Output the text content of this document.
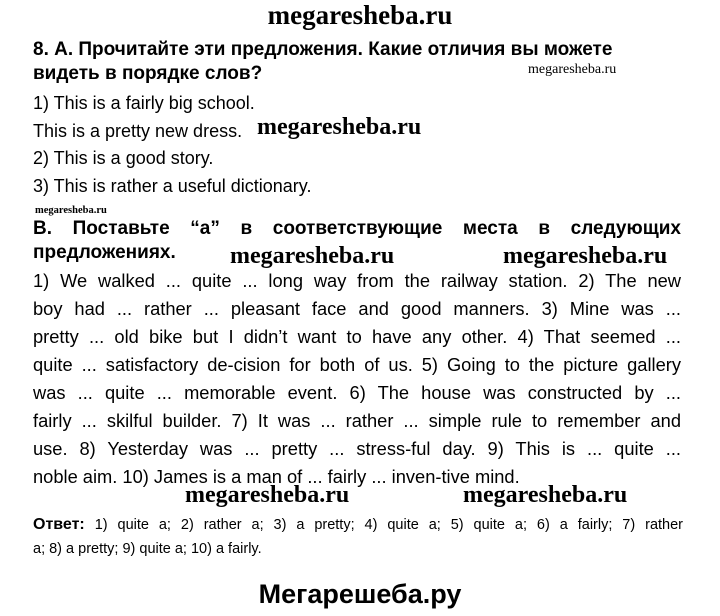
megaresheba.ru
8. А. Прочитайте эти предложения. Какие отличия вы можете
видеть в порядке слов?	megaresheba.ru
1) This is a fairly big school.
This is a pretty new dress. megaresheba.ru
2) This is a good story.
3) This is rather a useful dictionary.
megaresheba.ru
В. Поставьте “а” в соответствующие места в следующих
предложениях. megaresheba.ru	megaresheba.ru
1) We walked ... quite ... long way from the railway station. 2) The new
boy had ... rather ... pleasant face and good manners. 3) Mine was ...
pretty ... old bike but I didn’t want to have any other. 4) That seemed ...
quite ... satisfactory de-cision for both of us. 5) Going to the picture gallery
was ... quite ... memorable event. 6) The house was constructed by ...
fairly ... skilful builder. 7) It was ... rather ... simple rule to remember and
use. 8) Yesterday was ... pretty ... stress-ful day. 9) This is ... quite ...
noble aim. 10) James is a man of ... fairly ... inven-tive mind.
megaresheba.ru	megaresheba.ru
Ответ: 1) quite a; 2) rather a; 3) a pretty; 4) quite a; 5) quite a; 6) a fairly; 7) rather
a; 8) a pretty; 9) quite a; 10) a fairly.
Мегарешеба.ру
